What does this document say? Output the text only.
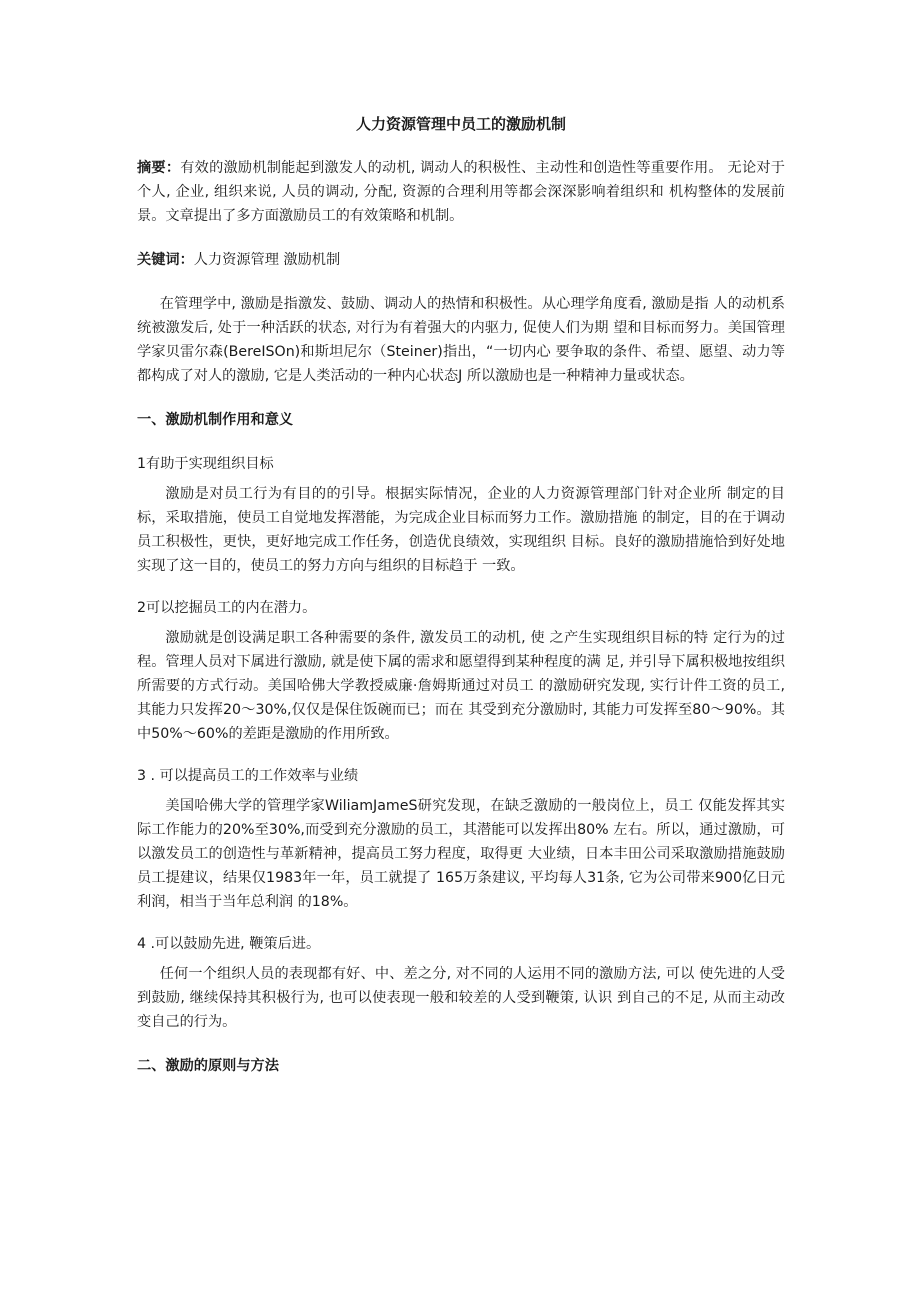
人力资源管理中员工的激励机制

摘要：有效的激励机制能起到激发人的动机, 调动人的积极性、主动性和创造性等重要作用。 无论对于个人, 企业, 组织来说, 人员的调动, 分配, 资源的合理利用等都会深深影响着组织和 机构整体的发展前景。文章提出了多方面激励员工的有效策略和机制。

关键词：人力资源管理 激励机制

在管理学中, 激励是指激发、鼓励、调动人的热情和积极性。从心理学角度看, 激励是指 人的动机系统被激发后, 处于一种活跃的状态, 对行为有着强大的内驱力, 促使人们为期 望和目标而努力。美国管理学家贝雷尔森(BereISOn)和斯坦尼尔（Steiner)指出，“一切内心 要争取的条件、希望、愿望、动力等都构成了对人的激励, 它是人类活动的一种内心状态J 所以激励也是一种精神力量或状态。

一、激励机制作用和意义

1有助于实现组织目标

激励是对员工行为有目的的引导。根据实际情况，企业的人力资源管理部门针对企业所 制定的目标，采取措施，使员工自觉地发挥潜能，为完成企业目标而努力工作。激励措施 的制定，目的在于调动员工积极性，更快，更好地完成工作任务，创造优良绩效，实现组织 目标。良好的激励措施恰到好处地实现了这一目的，使员工的努力方向与组织的目标趋于 一致。

2可以挖掘员工的内在潜力。

激励就是创设满足职工各种需要的条件, 激发员工的动机, 使 之产生实现组织目标的特 定行为的过程。管理人员对下属进行激励, 就是使下属的需求和愿望得到某种程度的满 足, 并引导下属积极地按组织所需要的方式行动。美国哈佛大学教授威廉·詹姆斯通过对员工 的激励研究发现, 实行计件工资的员工, 其能力只发挥20～30%,仅仅是保住饭碗而已；而在 其受到充分激励时, 其能力可发挥至80～90%。其中50%～60%的差距是激励的作用所致。

3 . 可以提高员工的工作效率与业绩

美国哈佛大学的管理学家WiliamJameS研究发现，在缺乏激励的一般岗位上，员工 仅能发挥其实际工作能力的20%至30%,而受到充分激励的员工，其潜能可以发挥出80% 左右。所以，通过激励，可以激发员工的创造性与革新精神，提高员工努力程度，取得更 大业绩，日本丰田公司采取激励措施鼓励员工提建议，结果仅1983年一年，员工就提了 165万条建议, 平均每人31条, 它为公司带来900亿日元利润，相当于当年总利润 的18%。

4 .可以鼓励先进, 鞭策后进。

任何一个组织人员的表现都有好、中、差之分, 对不同的人运用不同的激励方法, 可以 使先进的人受到鼓励, 继续保持其积极行为, 也可以使表现一般和较差的人受到鞭策, 认识 到自己的不足, 从而主动改变自己的行为。

二、激励的原则与方法
